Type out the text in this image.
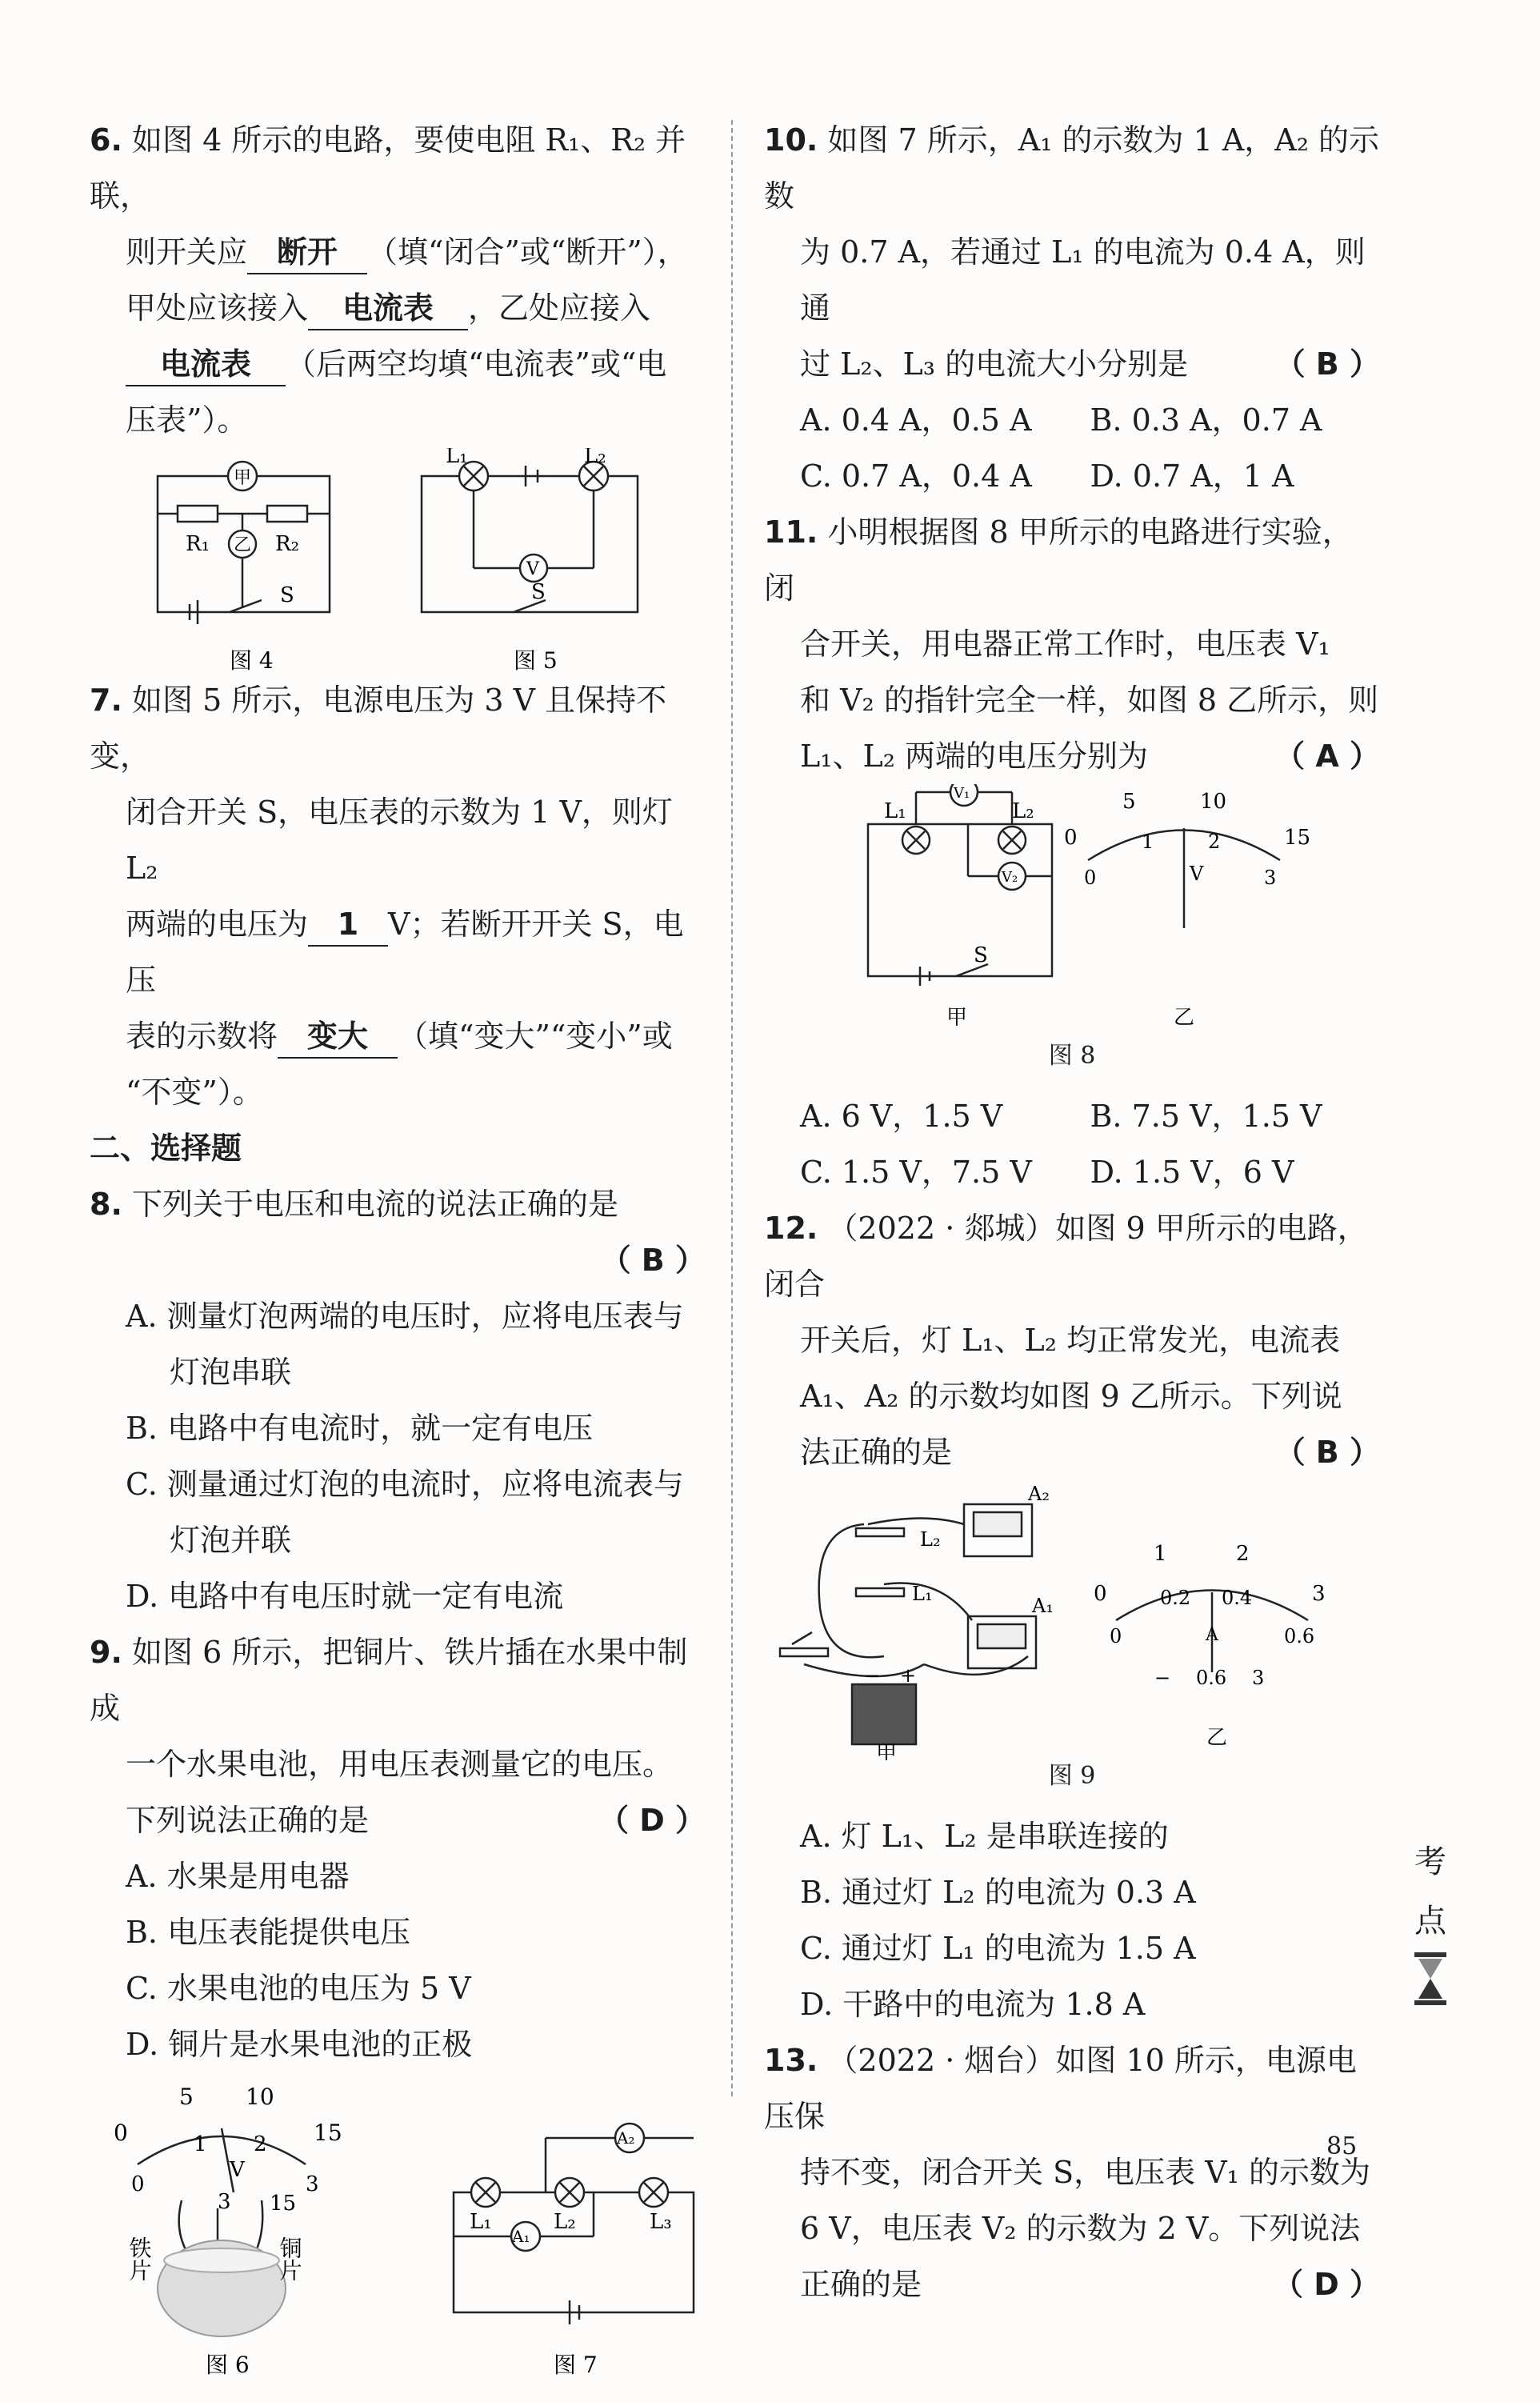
6. 如图 4 所示的电路，要使电阻 R₁、R₂ 并联，

则开关应 断开 （填“闭合”或“断开”），

甲处应该接入 电流表 ，乙处应接入

电流表 （后两空均填“电流表”或“电

压表”）。

甲
乙
R₁	R₂
S
图 4
L₁	L₂
V
S
图 5

7. 如图 5 所示，电源电压为 3 V 且保持不变，

闭合开关 S，电压表的示数为 1 V，则灯 L₂

两端的电压为 1 V；若断开开关 S，电压

表的示数将 变大 （填“变大”“变小”或

“不变”）。

二、选择题

8. 下列关于电压和电流的说法正确的是

（ B ）

A. 测量灯泡两端的电压时，应将电压表与

灯泡串联

B. 电路中有电流时，就一定有电压

C. 测量通过灯泡的电流时，应将电流表与

灯泡并联

D. 电路中有电压时就一定有电流

9. 如图 6 所示，把铜片、铁片插在水果中制成

一个水果电池，用电压表测量它的电压。

下列说法正确的是	（ D ）

A. 水果是用电器

B. 电压表能提供电压

C. 水果电池的电压为 5 V

D. 铜片是水果电池的正极

0
5 10
15
0
1 2
3
V
3 15
铁片	铜片
图 6
A₁
A₂
L₁	L₂	L₃
图 7

10. 如图 7 所示，A₁ 的示数为 1 A，A₂ 的示数

为 0.7 A，若通过 L₁ 的电流为 0.4 A，则通

过 L₂、L₃ 的电流大小分别是	（ B ）

A. 0.4 A，0.5 A	B. 0.3 A，0.7 A

C. 0.7 A，0.4 A	D. 0.7 A，1 A

11. 小明根据图 8 甲所示的电路进行实验，闭

合开关，用电器正常工作时，电压表 V₁

和 V₂ 的指针完全一样，如图 8 乙所示，则

L₁、L₂ 两端的电压分别为	（ A ）

V₁
V₂
L₁	L₂
S
甲
0
5	10
15
0
1	2
3
V
乙

图 8

A. 6 V，1.5 V	B. 7.5 V，1.5 V

C. 1.5 V，7.5 V	D. 1.5 V，6 V

12. （2022 · 郯城）如图 9 甲所示的电路，闭合

开关后，灯 L₁、L₂ 均正常发光，电流表

A₁、A₂ 的示数均如图 9 乙所示。下列说

法正确的是	（ B ）

A₂
A₁
L₂
L₁
− +
甲
0
1	2
3
0
0.2 0.4
0.6
A
− 0.6 3
乙

图 9

A. 灯 L₁、L₂ 是串联连接的

B. 通过灯 L₂ 的电流为 0.3 A

C. 通过灯 L₁ 的电流为 1.5 A

D. 干路中的电流为 1.8 A

13. （2022 · 烟台）如图 10 所示，电源电压保

持不变，闭合开关 S，电压表 V₁ 的示数为

6 V，电压表 V₂ 的示数为 2 V。下列说法

正确的是	（ D ）

考
点
85
